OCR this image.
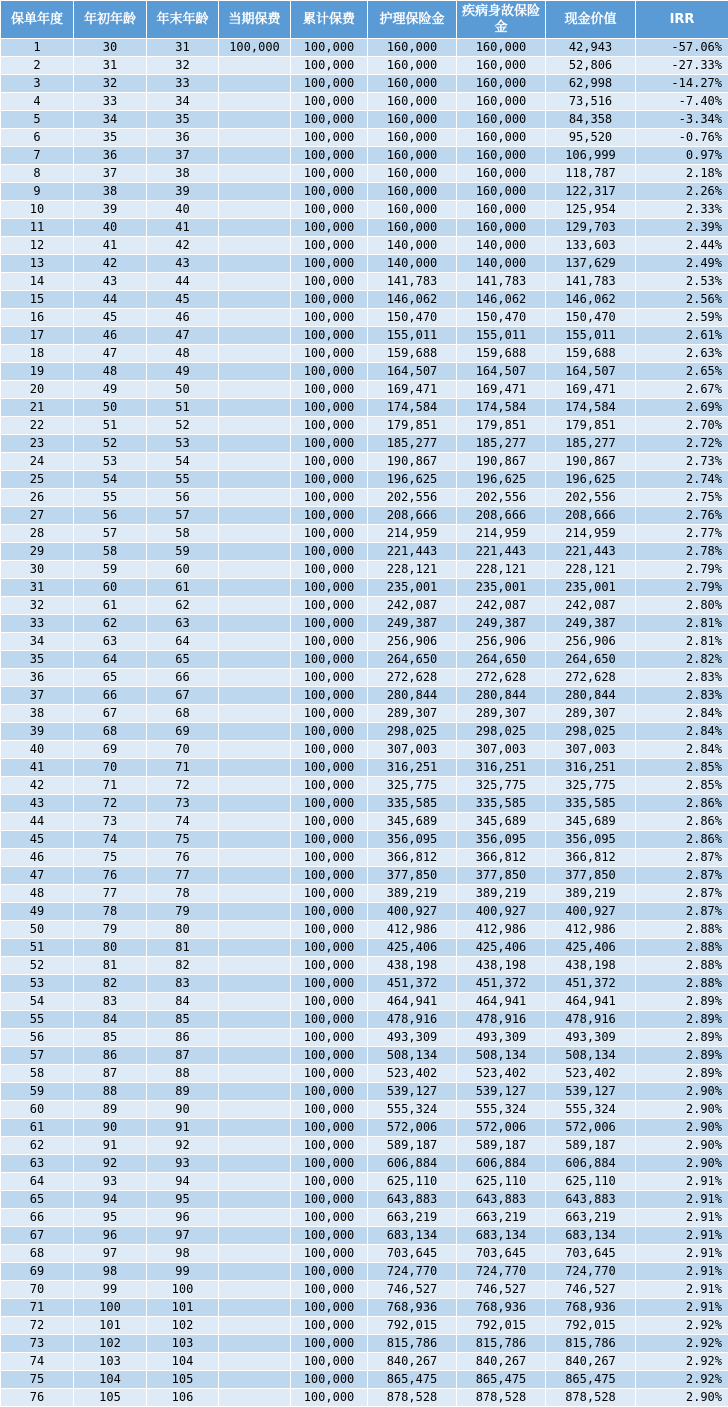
保单年度	年初年龄	年末年龄	当期保费	累计保费	护理保险金	疾病身故保险金	现金价值	IRR
1	30	31	100,000	100,000	160,000	160,000	42,943	-57.06%
2	31	32		100,000	160,000	160,000	52,806	-27.33%
3	32	33		100,000	160,000	160,000	62,998	-14.27%
4	33	34		100,000	160,000	160,000	73,516	-7.40%
5	34	35		100,000	160,000	160,000	84,358	-3.34%
6	35	36		100,000	160,000	160,000	95,520	-0.76%
7	36	37		100,000	160,000	160,000	106,999	0.97%
8	37	38		100,000	160,000	160,000	118,787	2.18%
9	38	39		100,000	160,000	160,000	122,317	2.26%
10	39	40		100,000	160,000	160,000	125,954	2.33%
11	40	41		100,000	160,000	160,000	129,703	2.39%
12	41	42		100,000	140,000	140,000	133,603	2.44%
13	42	43		100,000	140,000	140,000	137,629	2.49%
14	43	44		100,000	141,783	141,783	141,783	2.53%
15	44	45		100,000	146,062	146,062	146,062	2.56%
16	45	46		100,000	150,470	150,470	150,470	2.59%
17	46	47		100,000	155,011	155,011	155,011	2.61%
18	47	48		100,000	159,688	159,688	159,688	2.63%
19	48	49		100,000	164,507	164,507	164,507	2.65%
20	49	50		100,000	169,471	169,471	169,471	2.67%
21	50	51		100,000	174,584	174,584	174,584	2.69%
22	51	52		100,000	179,851	179,851	179,851	2.70%
23	52	53		100,000	185,277	185,277	185,277	2.72%
24	53	54		100,000	190,867	190,867	190,867	2.73%
25	54	55		100,000	196,625	196,625	196,625	2.74%
26	55	56		100,000	202,556	202,556	202,556	2.75%
27	56	57		100,000	208,666	208,666	208,666	2.76%
28	57	58		100,000	214,959	214,959	214,959	2.77%
29	58	59		100,000	221,443	221,443	221,443	2.78%
30	59	60		100,000	228,121	228,121	228,121	2.79%
31	60	61		100,000	235,001	235,001	235,001	2.79%
32	61	62		100,000	242,087	242,087	242,087	2.80%
33	62	63		100,000	249,387	249,387	249,387	2.81%
34	63	64		100,000	256,906	256,906	256,906	2.81%
35	64	65		100,000	264,650	264,650	264,650	2.82%
36	65	66		100,000	272,628	272,628	272,628	2.83%
37	66	67		100,000	280,844	280,844	280,844	2.83%
38	67	68		100,000	289,307	289,307	289,307	2.84%
39	68	69		100,000	298,025	298,025	298,025	2.84%
40	69	70		100,000	307,003	307,003	307,003	2.84%
41	70	71		100,000	316,251	316,251	316,251	2.85%
42	71	72		100,000	325,775	325,775	325,775	2.85%
43	72	73		100,000	335,585	335,585	335,585	2.86%
44	73	74		100,000	345,689	345,689	345,689	2.86%
45	74	75		100,000	356,095	356,095	356,095	2.86%
46	75	76		100,000	366,812	366,812	366,812	2.87%
47	76	77		100,000	377,850	377,850	377,850	2.87%
48	77	78		100,000	389,219	389,219	389,219	2.87%
49	78	79		100,000	400,927	400,927	400,927	2.87%
50	79	80		100,000	412,986	412,986	412,986	2.88%
51	80	81		100,000	425,406	425,406	425,406	2.88%
52	81	82		100,000	438,198	438,198	438,198	2.88%
53	82	83		100,000	451,372	451,372	451,372	2.88%
54	83	84		100,000	464,941	464,941	464,941	2.89%
55	84	85		100,000	478,916	478,916	478,916	2.89%
56	85	86		100,000	493,309	493,309	493,309	2.89%
57	86	87		100,000	508,134	508,134	508,134	2.89%
58	87	88		100,000	523,402	523,402	523,402	2.89%
59	88	89		100,000	539,127	539,127	539,127	2.90%
60	89	90		100,000	555,324	555,324	555,324	2.90%
61	90	91		100,000	572,006	572,006	572,006	2.90%
62	91	92		100,000	589,187	589,187	589,187	2.90%
63	92	93		100,000	606,884	606,884	606,884	2.90%
64	93	94		100,000	625,110	625,110	625,110	2.91%
65	94	95		100,000	643,883	643,883	643,883	2.91%
66	95	96		100,000	663,219	663,219	663,219	2.91%
67	96	97		100,000	683,134	683,134	683,134	2.91%
68	97	98		100,000	703,645	703,645	703,645	2.91%
69	98	99		100,000	724,770	724,770	724,770	2.91%
70	99	100		100,000	746,527	746,527	746,527	2.91%
71	100	101		100,000	768,936	768,936	768,936	2.91%
72	101	102		100,000	792,015	792,015	792,015	2.92%
73	102	103		100,000	815,786	815,786	815,786	2.92%
74	103	104		100,000	840,267	840,267	840,267	2.92%
75	104	105		100,000	865,475	865,475	865,475	2.92%
76	105	106		100,000	878,528	878,528	878,528	2.90%
